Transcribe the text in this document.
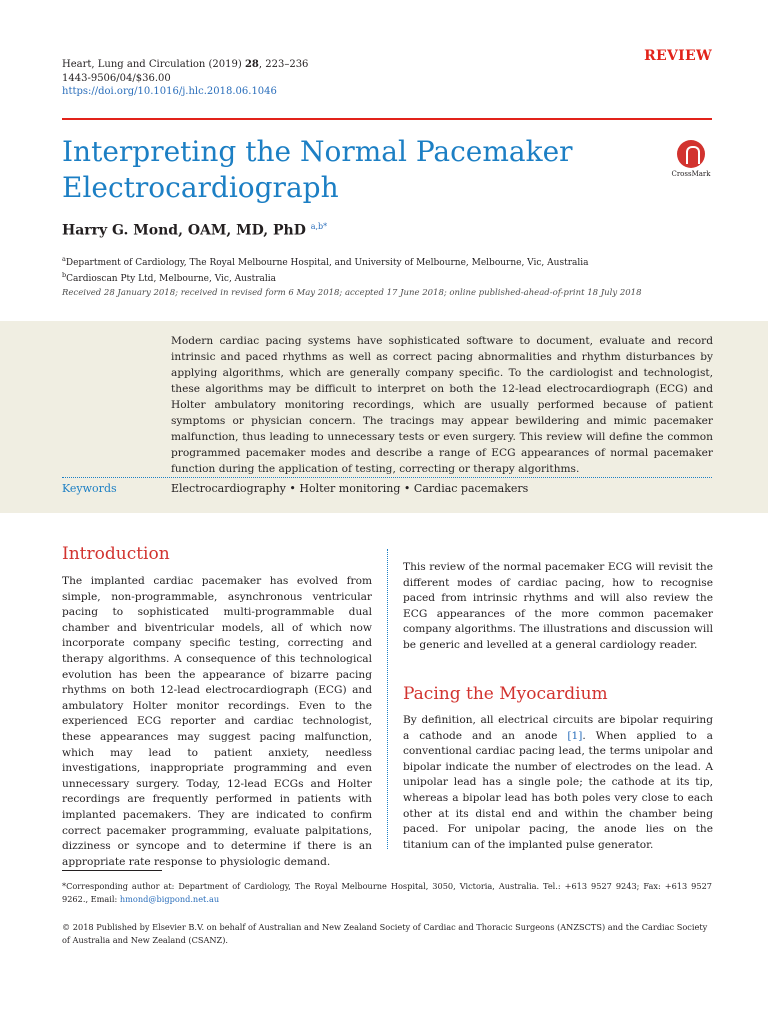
Heart, Lung and Circulation (2019) 28, 223–236
1443-9506/04/$36.00
https://doi.org/10.1016/j.hlc.2018.06.1046
REVIEW
Interpreting the Normal Pacemaker Electrocardiograph	CrossMark
Harry G. Mond, OAM, MD, PhD $^{a,b*}$
$^a$Department of Cardiology, The Royal Melbourne Hospital, and University of Melbourne, Melbourne, Vic, Australia
$^b$Cardioscan Pty Ltd, Melbourne, Vic, Australia
Received 28 January 2018; received in revised form 6 May 2018; accepted 17 June 2018; online published-ahead-of-print 18 July 2018
Modern cardiac pacing systems have sophisticated software to document, evaluate and record intrinsic and paced rhythms as well as correct pacing abnormalities and rhythm disturbances by applying algorithms, which are generally company specific. To the cardiologist and technologist, these algorithms may be difficult to interpret on both the 12-lead electrocardiograph (ECG) and Holter ambulatory monitoring recordings, which are usually performed because of patient symptoms or physician concern. The tracings may appear bewildering and mimic pacemaker malfunction, thus leading to unnecessary tests or even surgery. This review will define the common programmed pacemaker modes and describe a range of ECG appearances of normal pacemaker function during the application of testing, correcting or therapy algorithms.
Keywords	Electrocardiography • Holter monitoring • Cardiac pacemakers
Introduction
The implanted cardiac pacemaker has evolved from simple, non-programmable, asynchronous ventricular pacing to sophisticated multi-programmable dual chamber and biventricular models, all of which now incorporate company specific testing, correcting and therapy algorithms. A consequence of this technological evolution has been the appearance of bizarre pacing rhythms on both 12-lead electrocardiograph (ECG) and ambulatory Holter monitor recordings. Even to the experienced ECG reporter and cardiac technologist, these appearances may suggest pacing malfunction, which may lead to patient anxiety, needless investigations, inappropriate programming and even unnecessary surgery. Today, 12-lead ECGs and Holter recordings are frequently performed in patients with implanted pacemakers. They are indicated to confirm correct pacemaker programming, evaluate palpitations, dizziness or syncope and to determine if there is an appropriate rate response to physiologic demand.
This review of the normal pacemaker ECG will revisit the different modes of cardiac pacing, how to recognise paced from intrinsic rhythms and will also review the ECG appearances of the more common pacemaker company algorithms. The illustrations and discussion will be generic and levelled at a general cardiology reader.
Pacing the Myocardium
By definition, all electrical circuits are bipolar requiring a cathode and an anode [1]. When applied to a conventional cardiac pacing lead, the terms unipolar and bipolar indicate the number of electrodes on the lead. A unipolar lead has a single pole; the cathode at its tip, whereas a bipolar lead has both poles very close to each other at its distal end and within the chamber being paced. For unipolar pacing, the anode lies on the titanium can of the implanted pulse generator.
*Corresponding author at: Department of Cardiology, The Royal Melbourne Hospital, 3050, Victoria, Australia. Tel.: +613 9527 9243; Fax: +613 9527 9262., Email: hmond@bigpond.net.au
© 2018 Published by Elsevier B.V. on behalf of Australian and New Zealand Society of Cardiac and Thoracic Surgeons (ANZSCTS) and the Cardiac Society of Australia and New Zealand (CSANZ).
